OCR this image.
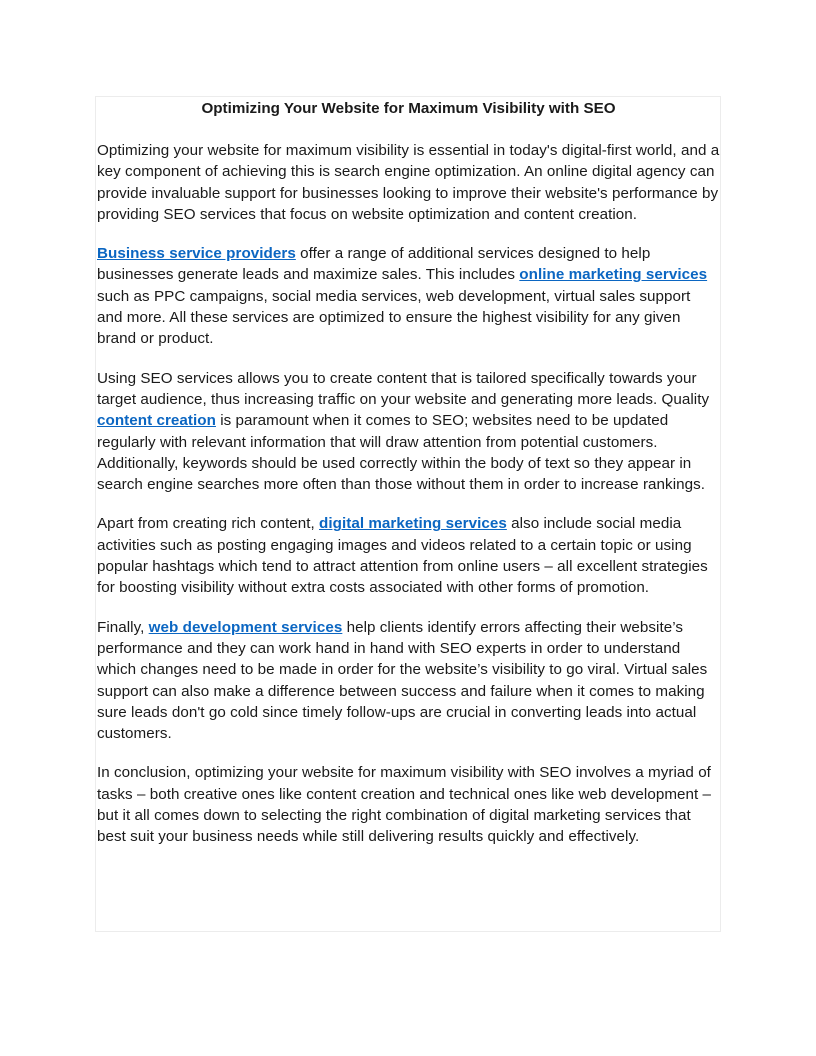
Optimizing Your Website for Maximum Visibility with SEO

Optimizing your website for maximum visibility is essential in today's digital-first world, and a key component of achieving this is search engine optimization. An online digital agency can provide invaluable support for businesses looking to improve their website's performance by providing SEO services that focus on website optimization and content creation.

Business service providers offer a range of additional services designed to help businesses generate leads and maximize sales. This includes online marketing services such as PPC campaigns, social media services, web development, virtual sales support and more. All these services are optimized to ensure the highest visibility for any given brand or product.

Using SEO services allows you to create content that is tailored specifically towards your target audience, thus increasing traffic on your website and generating more leads. Quality content creation is paramount when it comes to SEO; websites need to be updated regularly with relevant information that will draw attention from potential customers. Additionally, keywords should be used correctly within the body of text so they appear in search engine searches more often than those without them in order to increase rankings.

Apart from creating rich content, digital marketing services also include social media activities such as posting engaging images and videos related to a certain topic or using popular hashtags which tend to attract attention from online users – all excellent strategies for boosting visibility without extra costs associated with other forms of promotion.

Finally, web development services help clients identify errors affecting their website’s performance and they can work hand in hand with SEO experts in order to understand which changes need to be made in order for the website’s visibility to go viral. Virtual sales support can also make a difference between success and failure when it comes to making sure leads don't go cold since timely follow-ups are crucial in converting leads into actual customers.

In conclusion, optimizing your website for maximum visibility with SEO involves a myriad of tasks – both creative ones like content creation and technical ones like web development – but it all comes down to selecting the right combination of digital marketing services that best suit your business needs while still delivering results quickly and effectively.
